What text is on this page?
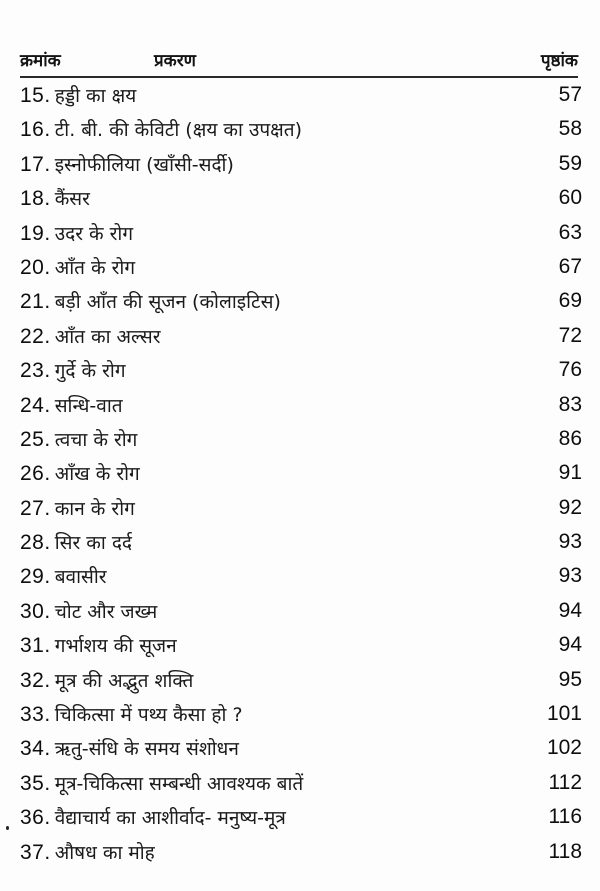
क्रमांक	प्रकरण	पृष्ठांक
15. हड्डी का क्षय	57
16. टी. बी. की केविटी (क्षय का उपक्षत)	58
17. इस्नोफीलिया (खाँसी-सर्दी)	59
18. कैंसर	60
19. उदर के रोग	63
20. आँत के रोग	67
21. बड़ी आँत की सूजन (कोलाइटिस)	69
22. आँत का अल्सर	72
23. गुर्दे के रोग	76
24. सन्धि-वात	83
25. त्वचा के रोग	86
26. आँख के रोग	91
27. कान के रोग	92
28. सिर का दर्द	93
29. बवासीर	93
30. चोट और जख्म	94
31. गर्भाशय की सूजन	94
32. मूत्र की अद्भुत शक्ति	95
33. चिकित्सा में पथ्य कैसा हो ?	101
34. ऋतु-संधि के समय संशोधन	102
35. मूत्र-चिकित्सा सम्बन्धी आवश्यक बातें	112
36. वैद्याचार्य का आशीर्वाद- मनुष्य-मूत्र	116
37. औषध का मोह	118
